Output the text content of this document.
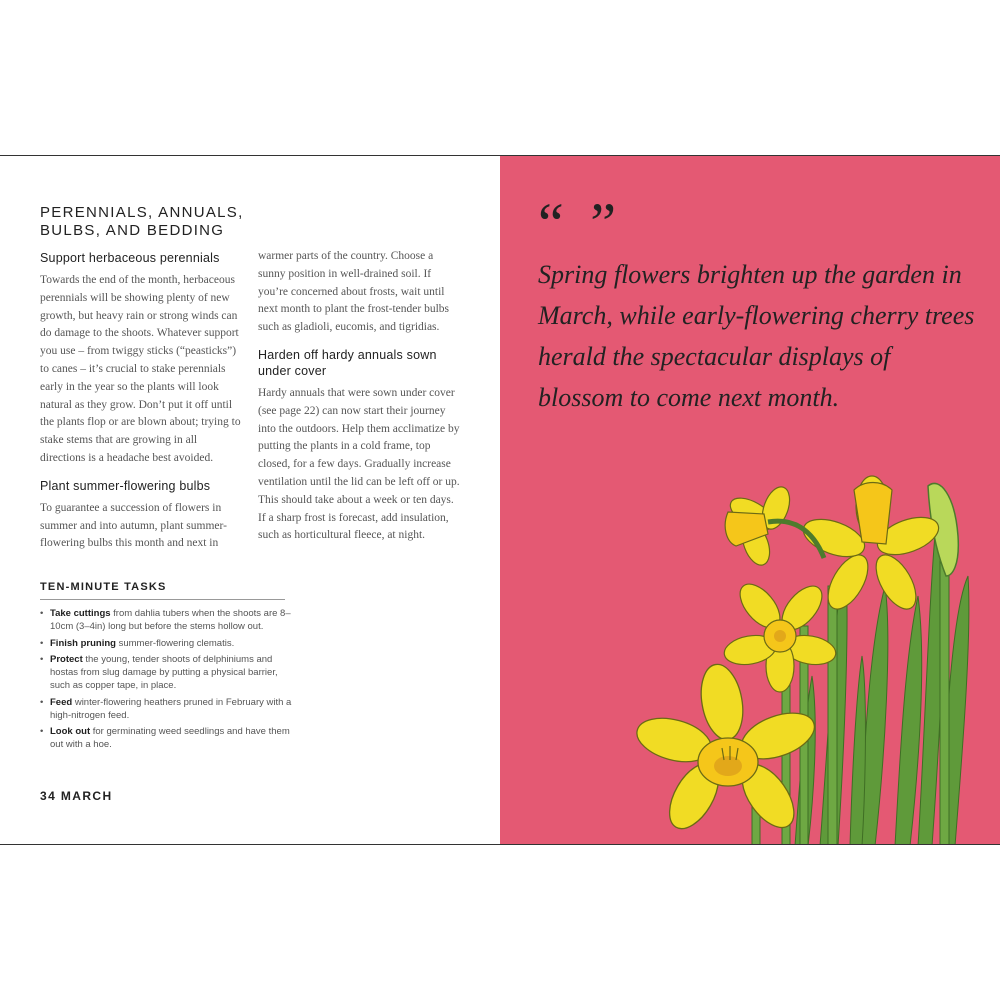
PERENNIALS, ANNUALS,
BULBS, AND BEDDING
Support herbaceous perennials

Towards the end of the month, herbaceous perennials will be showing plenty of new growth, but heavy rain or strong winds can do damage to the shoots. Whatever support you use – from twiggy sticks (“peasticks”) to canes – it’s crucial to stake perennials early in the year so the plants will look natural as they grow. Don’t put it off until the plants flop or are blown about; trying to stake stems that are growing in all directions is a headache best avoided.

Plant summer-flowering bulbs

To guarantee a succession of flowers in summer and into autumn, plant summer-flowering bulbs this month and next in

warmer parts of the country. Choose a sunny position in well-drained soil. If you’re concerned about frosts, wait until next month to plant the frost-tender bulbs such as gladioli, eucomis, and tigridias.

Harden off hardy annuals sown under cover

Hardy annuals that were sown under cover (see page 22) can now start their journey into the outdoors. Help them acclimatize by putting the plants in a cold frame, top closed, for a few days. Gradually increase ventilation until the lid can be left off or up. This should take about a week or ten days. If a sharp frost is forecast, add insulation, such as horticultural fleece, at night.

TEN-MINUTE TASKS
• Take cuttings from dahlia tubers when the shoots are 8–10cm (3–4in) long but before the stems hollow out.
• Finish pruning summer-flowering clematis.
• Protect the young, tender shoots of delphiniums and hostas from slug damage by putting a physical barrier, such as copper tape, in place.
• Feed winter-flowering heathers pruned in February with a high-nitrogen feed.
• Look out for germinating weed seedlings and have them out with a hoe.
34 MARCH
“ ”
Spring flowers brighten up the garden in March, while early-flowering cherry trees herald the spectacular displays of blossom to come next month.
